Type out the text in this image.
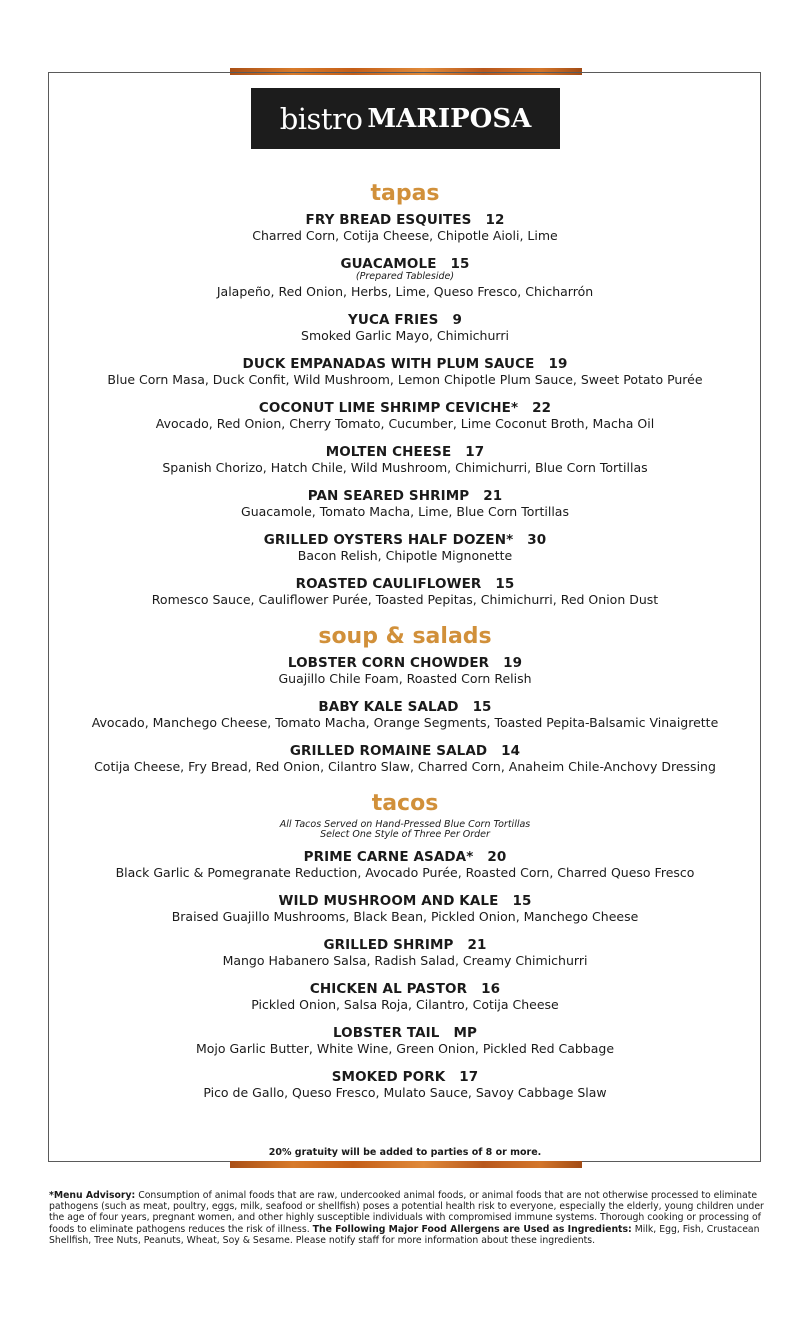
bistro MARIPOSA
tapas
FRY BREAD ESQUITES 12
Charred Corn, Cotija Cheese, Chipotle Aioli, Lime
GUACAMOLE 15
(Prepared Tableside)
Jalapeño, Red Onion, Herbs, Lime, Queso Fresco, Chicharrón
YUCA FRIES 9
Smoked Garlic Mayo, Chimichurri
DUCK EMPANADAS WITH PLUM SAUCE 19
Blue Corn Masa, Duck Confit, Wild Mushroom, Lemon Chipotle Plum Sauce, Sweet Potato Purée
COCONUT LIME SHRIMP CEVICHE* 22
Avocado, Red Onion, Cherry Tomato, Cucumber, Lime Coconut Broth, Macha Oil
MOLTEN CHEESE 17
Spanish Chorizo, Hatch Chile, Wild Mushroom, Chimichurri, Blue Corn Tortillas
PAN SEARED SHRIMP 21
Guacamole, Tomato Macha, Lime, Blue Corn Tortillas
GRILLED OYSTERS HALF DOZEN* 30
Bacon Relish, Chipotle Mignonette
ROASTED CAULIFLOWER 15
Romesco Sauce, Cauliflower Purée, Toasted Pepitas, Chimichurri, Red Onion Dust
soup & salads
LOBSTER CORN CHOWDER 19
Guajillo Chile Foam, Roasted Corn Relish
BABY KALE SALAD 15
Avocado, Manchego Cheese, Tomato Macha, Orange Segments, Toasted Pepita-Balsamic Vinaigrette
GRILLED ROMAINE SALAD 14
Cotija Cheese, Fry Bread, Red Onion, Cilantro Slaw, Charred Corn, Anaheim Chile-Anchovy Dressing
tacos
All Tacos Served on Hand-Pressed Blue Corn Tortillas
Select One Style of Three Per Order
PRIME CARNE ASADA* 20
Black Garlic & Pomegranate Reduction, Avocado Purée, Roasted Corn, Charred Queso Fresco
WILD MUSHROOM AND KALE 15
Braised Guajillo Mushrooms, Black Bean, Pickled Onion, Manchego Cheese
GRILLED SHRIMP 21
Mango Habanero Salsa, Radish Salad, Creamy Chimichurri
CHICKEN AL PASTOR 16
Pickled Onion, Salsa Roja, Cilantro, Cotija Cheese
LOBSTER TAIL MP
Mojo Garlic Butter, White Wine, Green Onion, Pickled Red Cabbage
SMOKED PORK 17
Pico de Gallo, Queso Fresco, Mulato Sauce, Savoy Cabbage Slaw
20% gratuity will be added to parties of 8 or more.
*Menu Advisory: Consumption of animal foods that are raw, undercooked animal foods, or animal foods that are not otherwise processed to eliminate pathogens (such as meat, poultry, eggs, milk, seafood or shellfish) poses a potential health risk to everyone, especially the elderly, young children under the age of four years, pregnant women, and other highly susceptible individuals with compromised immune systems. Thorough cooking or processing of foods to eliminate pathogens reduces the risk of illness. The Following Major Food Allergens are Used as Ingredients: Milk, Egg, Fish, Crustacean Shellfish, Tree Nuts, Peanuts, Wheat, Soy & Sesame. Please notify staff for more information about these ingredients.
